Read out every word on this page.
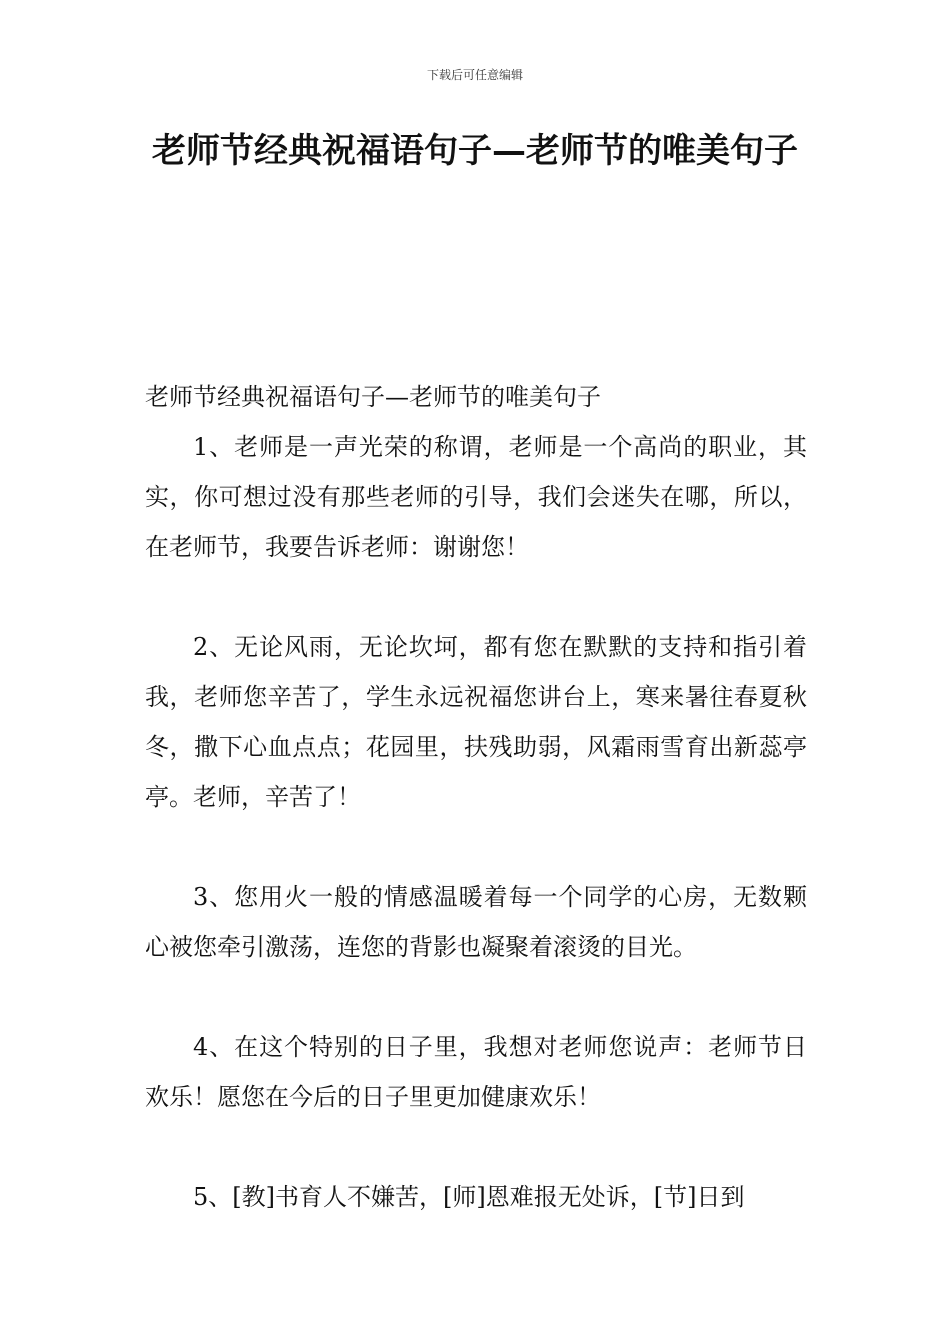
下载后可任意编辑
老师节经典祝福语句子—老师节的唯美句子

老师节经典祝福语句子—老师节的唯美句子

1、老师是一声光荣的称谓，老师是一个高尚的职业，其实，你可想过没有那些老师的引导，我们会迷失在哪，所以，在老师节，我要告诉老师：谢谢您！

2、无论风雨，无论坎坷，都有您在默默的支持和指引着我，老师您辛苦了，学生永远祝福您讲台上，寒来暑往春夏秋冬，撒下心血点点；花园里，扶残助弱，风霜雨雪育出新蕊亭亭。老师，辛苦了！

3、您用火一般的情感温暖着每一个同学的心房，无数颗心被您牵引激荡，连您的背影也凝聚着滚烫的目光。

4、在这个特别的日子里，我想对老师您说声：老师节日欢乐！愿您在今后的日子里更加健康欢乐！

5、[教]书育人不嫌苦，[师]恩难报无处诉，[节]日到
